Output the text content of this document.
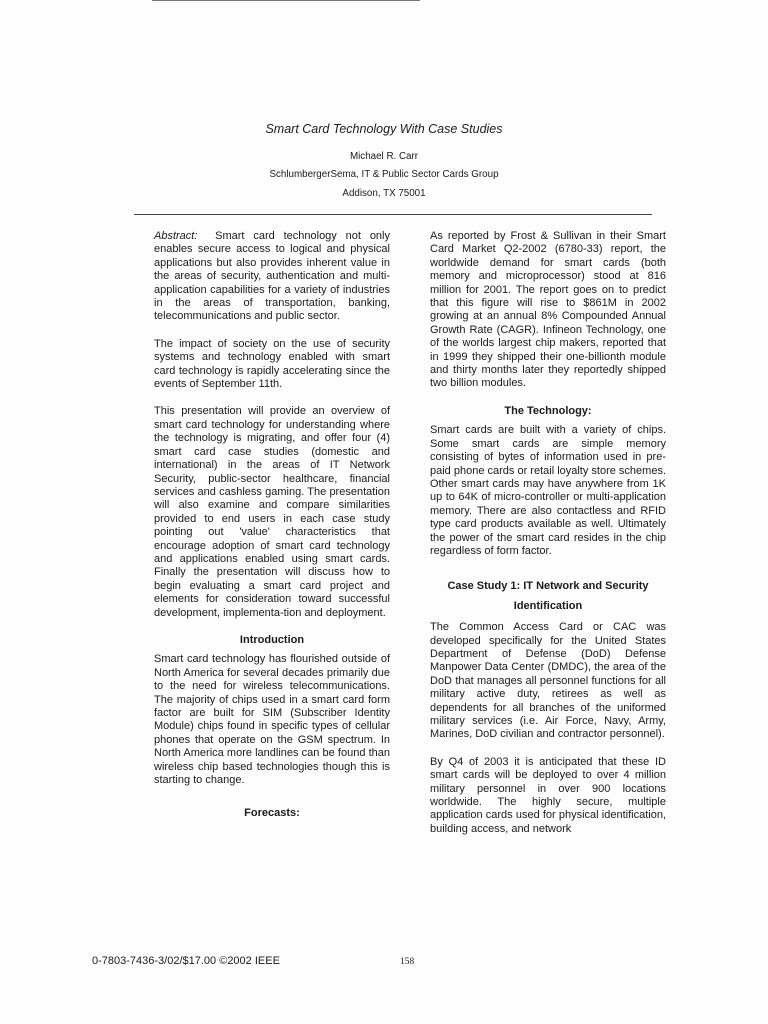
Smart Card Technology With Case Studies
Michael R. Carr
SchlumbergerSema, IT & Public Sector Cards Group
Addison, TX 75001

Abstract: Smart card technology not only enables secure access to logical and physical applications but also provides inherent value in the areas of security, authentication and multi-application capabilities for a variety of industries in the areas of transportation, banking, telecommunications and public sector.

The impact of society on the use of security systems and technology enabled with smart card technology is rapidly accelerating since the events of September 11th.

This presentation will provide an overview of smart card technology for understanding where the technology is migrating, and offer four (4) smart card case studies (domestic and international) in the areas of IT Network Security, public-sector healthcare, financial services and cashless gaming. The presentation will also examine and compare similarities provided to end users in each case study pointing out 'value' characteristics that encourage adoption of smart card technology and applications enabled using smart cards. Finally the presentation will discuss how to begin evaluating a smart card project and elements for consideration toward successful development, implementa-tion and deployment.

Introduction

Smart card technology has flourished outside of North America for several decades primarily due to the need for wireless telecommunications. The majority of chips used in a smart card form factor are built for SIM (Subscriber Identity Module) chips found in specific types of cellular phones that operate on the GSM spectrum. In North America more landlines can be found than wireless chip based technologies though this is starting to change.

Forecasts:

As reported by Frost & Sullivan in their Smart Card Market Q2-2002 (6780-33) report, the worldwide demand for smart cards (both memory and microprocessor) stood at 816 million for 2001. The report goes on to predict that this figure will rise to $861M in 2002 growing at an annual 8% Compounded Annual Growth Rate (CAGR). Infineon Technology, one of the worlds largest chip makers, reported that in 1999 they shipped their one-billionth module and thirty months later they reportedly shipped two billion modules.

The Technology:

Smart cards are built with a variety of chips. Some smart cards are simple memory consisting of bytes of information used in pre-paid phone cards or retail loyalty store schemes. Other smart cards may have anywhere from 1K up to 64K of micro-controller or multi-application memory. There are also contactless and RFID type card products available as well. Ultimately the power of the smart card resides in the chip regardless of form factor.

Case Study 1: IT Network and Security
Identification

The Common Access Card or CAC was developed specifically for the United States Department of Defense (DoD) Defense Manpower Data Center (DMDC), the area of the DoD that manages all personnel functions for all military active duty, retirees as well as dependents for all branches of the uniformed military services (i.e. Air Force, Navy, Army, Marines, DoD civilian and contractor personnel).

By Q4 of 2003 it is anticipated that these ID smart cards will be deployed to over 4 million military personnel in over 900 locations worldwide. The highly secure, multiple application cards used for physical identification, building access, and network

0-7803-7436-3/02/$17.00 ©2002 IEEE	158
